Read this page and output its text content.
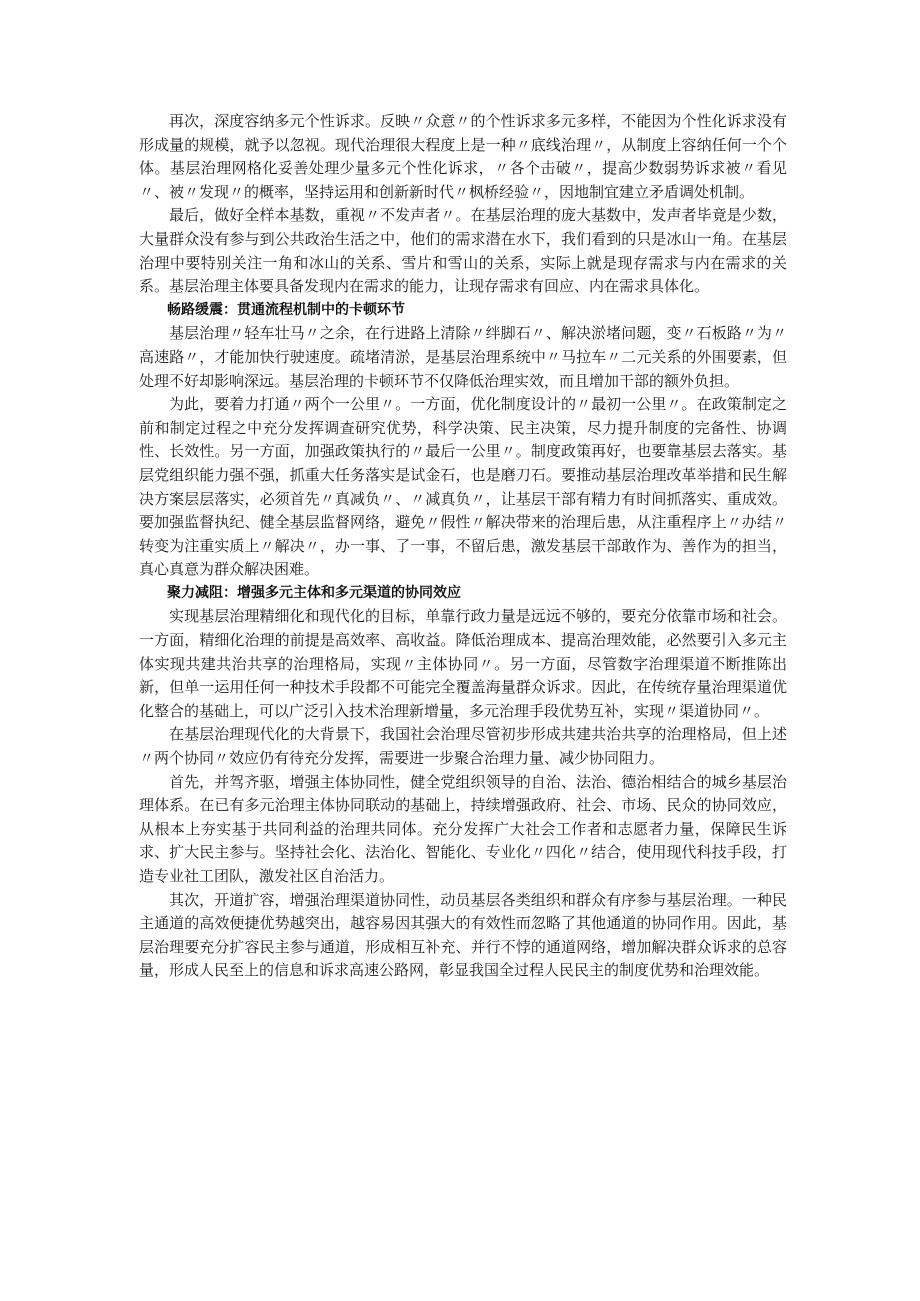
再次，深度容纳多元个性诉求。反映〃众意〃的个性诉求多元多样，不能因为个性化诉求没有形成量的规模，就予以忽视。现代治理很大程度上是一种〃底线治理〃，从制度上容纳任何一个个体。基层治理网格化妥善处理少量多元个性化诉求，〃各个击破〃，提高少数弱势诉求被〃看见〃、被〃发现〃的概率，坚持运用和创新新时代〃枫桥经验〃，因地制宜建立矛盾调处机制。

最后，做好全样本基数，重视〃不发声者〃。在基层治理的庞大基数中，发声者毕竟是少数，大量群众没有参与到公共政治生活之中，他们的需求潜在水下，我们看到的只是冰山一角。在基层治理中要特别关注一角和冰山的关系、雪片和雪山的关系，实际上就是现存需求与内在需求的关系。基层治理主体要具备发现内在需求的能力，让现存需求有回应、内在需求具体化。

畅路缓震：贯通流程机制中的卡顿环节

基层治理〃轻车壮马〃之余，在行进路上清除〃绊脚石〃、解决淤堵问题，变〃石板路〃为〃高速路〃，才能加快行驶速度。疏堵清淤，是基层治理系统中〃马拉车〃二元关系的外围要素，但处理不好却影响深远。基层治理的卡顿环节不仅降低治理实效，而且增加干部的额外负担。

为此，要着力打通〃两个一公里〃。一方面，优化制度设计的〃最初一公里〃。在政策制定之前和制定过程之中充分发挥调查研究优势，科学决策、民主决策，尽力提升制度的完备性、协调性、长效性。另一方面，加强政策执行的〃最后一公里〃。制度政策再好，也要靠基层去落实。基层党组织能力强不强，抓重大任务落实是试金石，也是磨刀石。要推动基层治理改革举措和民生解决方案层层落实，必须首先〃真减负〃、〃减真负〃，让基层干部有精力有时间抓落实、重成效。要加强监督执纪、健全基层监督网络，避免〃假性〃解决带来的治理后患，从注重程序上〃办结〃转变为注重实质上〃解决〃，办一事、了一事，不留后患，激发基层干部敢作为、善作为的担当，真心真意为群众解决困难。

聚力减阻：增强多元主体和多元渠道的协同效应

实现基层治理精细化和现代化的目标，单靠行政力量是远远不够的，要充分依靠市场和社会。一方面，精细化治理的前提是高效率、高收益。降低治理成本、提高治理效能，必然要引入多元主体实现共建共治共享的治理格局，实现〃主体协同〃。另一方面，尽管数字治理渠道不断推陈出新，但单一运用任何一种技术手段都不可能完全覆盖海量群众诉求。因此，在传统存量治理渠道优化整合的基础上，可以广泛引入技术治理新增量，多元治理手段优势互补，实现〃渠道协同〃。

在基层治理现代化的大背景下，我国社会治理尽管初步形成共建共治共享的治理格局，但上述〃两个协同〃效应仍有待充分发挥，需要进一步聚合治理力量、减少协同阻力。

首先，并驾齐驱，增强主体协同性，健全党组织领导的自治、法治、德治相结合的城乡基层治理体系。在已有多元治理主体协同联动的基础上，持续增强政府、社会、市场、民众的协同效应，从根本上夯实基于共同利益的治理共同体。充分发挥广大社会工作者和志愿者力量，保障民生诉求、扩大民主参与。坚持社会化、法治化、智能化、专业化〃四化〃结合，使用现代科技手段，打造专业社工团队，激发社区自治活力。

其次，开道扩容，增强治理渠道协同性，动员基层各类组织和群众有序参与基层治理。一种民主通道的高效便捷优势越突出，越容易因其强大的有效性而忽略了其他通道的协同作用。因此，基层治理要充分扩容民主参与通道，形成相互补充、并行不悖的通道网络，增加解决群众诉求的总容量，形成人民至上的信息和诉求高速公路网，彰显我国全过程人民民主的制度优势和治理效能。
